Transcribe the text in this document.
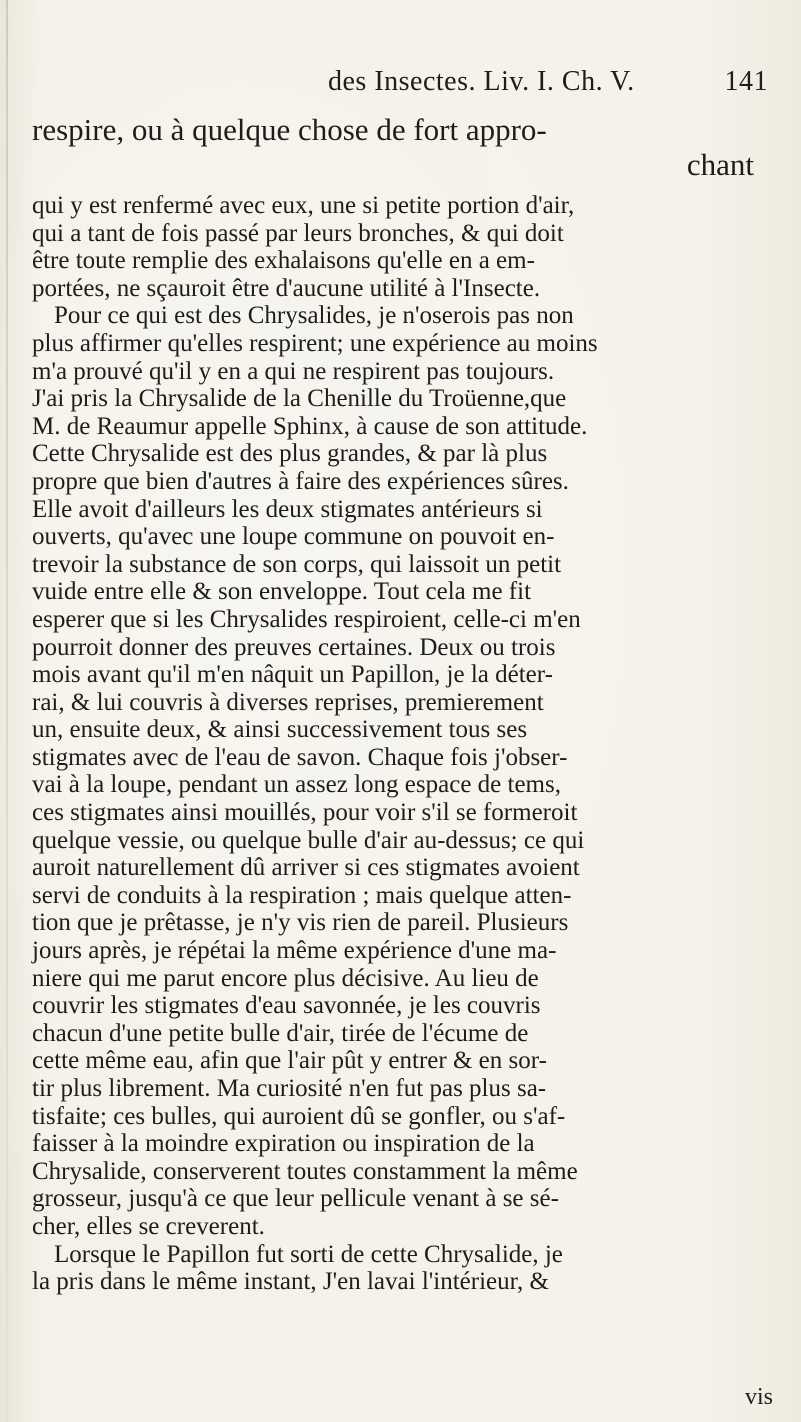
des Insectes. Liv. I. Ch. V.	141
respire, ou à quelque chose de fort appro-
chant
qui y est renfermé avec eux, une si petite portion d'air,
qui a tant de fois passé par leurs bronches, & qui doit
être toute remplie des exhalaisons qu'elle en a em-
portées, ne sçauroit être d'aucune utilité à l'Insecte.
Pour ce qui est des Chrysalides, je n'oserois pas non
plus affirmer qu'elles respirent; une expérience au moins
m'a prouvé qu'il y en a qui ne respirent pas toujours.
J'ai pris la Chrysalide de la Chenille du Troüenne,que
M. de Reaumur appelle Sphinx, à cause de son attitude.
Cette Chrysalide est des plus grandes, & par là plus
propre que bien d'autres à faire des expériences sûres.
Elle avoit d'ailleurs les deux stigmates antérieurs si
ouverts, qu'avec une loupe commune on pouvoit en-
trevoir la substance de son corps, qui laissoit un petit
vuide entre elle & son enveloppe. Tout cela me fit
esperer que si les Chrysalides respiroient, celle-ci m'en
pourroit donner des preuves certaines. Deux ou trois
mois avant qu'il m'en nâquit un Papillon, je la déter-
rai, & lui couvris à diverses reprises, premierement
un, ensuite deux, & ainsi successivement tous ses
stigmates avec de l'eau de savon. Chaque fois j'obser-
vai à la loupe, pendant un assez long espace de tems,
ces stigmates ainsi mouillés, pour voir s'il se formeroit
quelque vessie, ou quelque bulle d'air au-dessus; ce qui
auroit naturellement dû arriver si ces stigmates avoient
servi de conduits à la respiration ; mais quelque atten-
tion que je prêtasse, je n'y vis rien de pareil. Plusieurs
jours après, je répétai la même expérience d'une ma-
niere qui me parut encore plus décisive. Au lieu de
couvrir les stigmates d'eau savonnée, je les couvris
chacun d'une petite bulle d'air, tirée de l'écume de
cette même eau, afin que l'air pût y entrer & en sor-
tir plus librement. Ma curiosité n'en fut pas plus sa-
tisfaite; ces bulles, qui auroient dû se gonfler, ou s'af-
faisser à la moindre expiration ou inspiration de la
Chrysalide, conserverent toutes constamment la même
grosseur, jusqu'à ce que leur pellicule venant à se sé-
cher, elles se creverent.
Lorsque le Papillon fut sorti de cette Chrysalide, je
la pris dans le même instant, J'en lavai l'intérieur, &
vis
